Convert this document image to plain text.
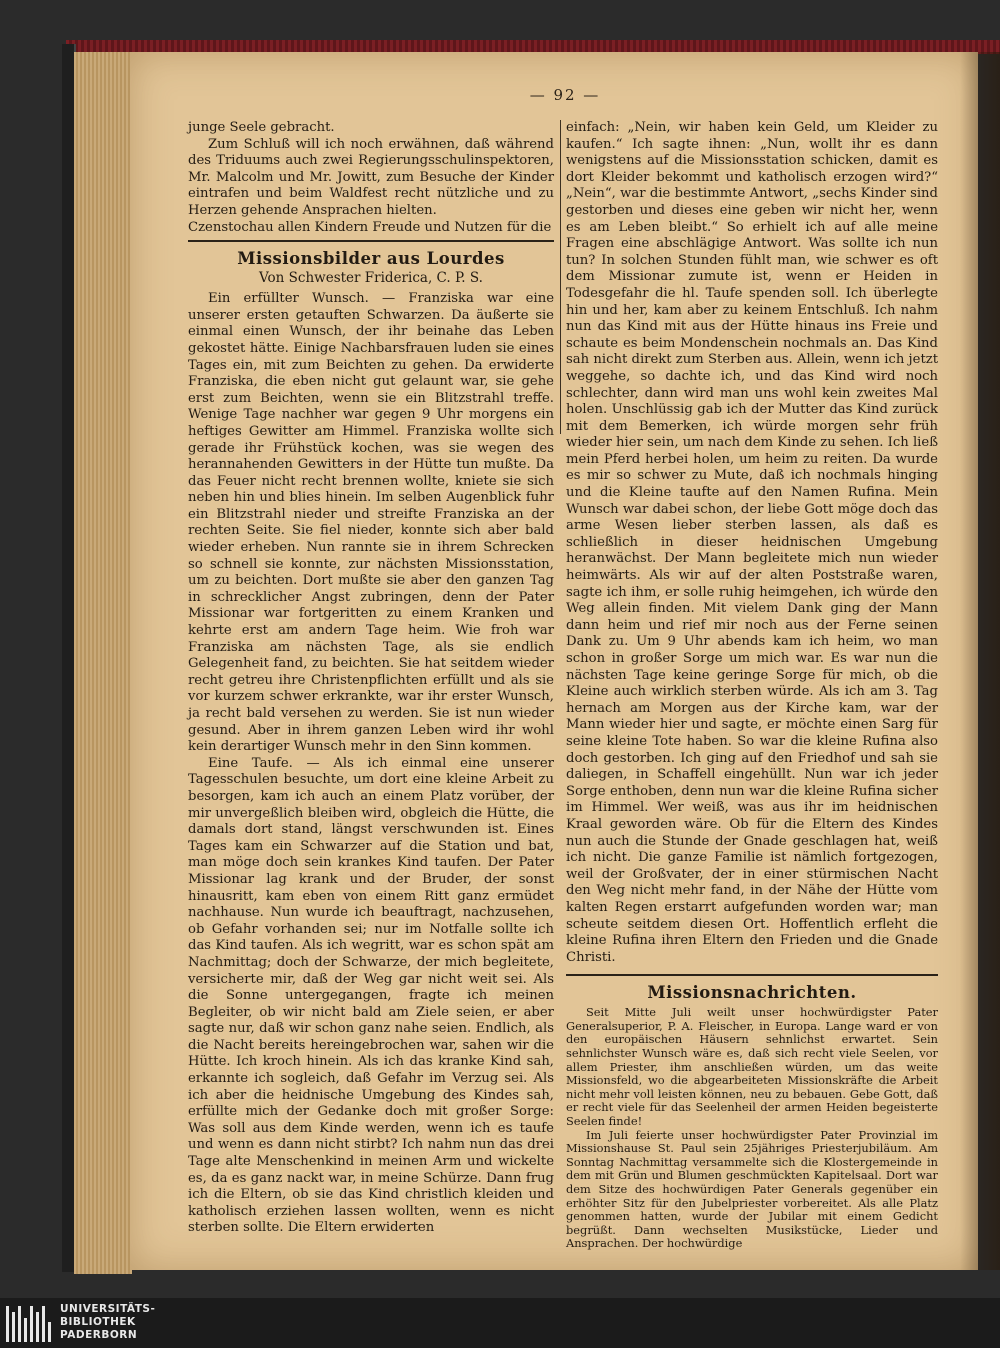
— 92 —

junge Seele gebracht.

Zum Schluß will ich noch erwähnen, daß während des Triduums auch zwei Regierungsschulinspektoren, Mr. Malcolm und Mr. Jowitt, zum Besuche der Kinder eintrafen und beim Waldfest recht nützliche und zu Herzen gehende Ansprachen hielten.

Czenstochau allen Kindern Freude und Nutzen für die

Missionsbilder aus Lourdes
Von Schwester Friderica, C. P. S.

Ein erfüllter Wunsch. — Franziska war eine unserer ersten getauften Schwarzen. Da äußerte sie einmal einen Wunsch, der ihr beinahe das Leben gekostet hätte. Einige Nachbarsfrauen luden sie eines Tages ein, mit zum Beichten zu gehen. Da erwiderte Franziska, die eben nicht gut gelaunt war, sie gehe erst zum Beichten, wenn sie ein Blitzstrahl treffe. Wenige Tage nachher war gegen 9 Uhr morgens ein heftiges Gewitter am Himmel. Franziska wollte sich gerade ihr Frühstück kochen, was sie wegen des herannahenden Gewitters in der Hütte tun mußte. Da das Feuer nicht recht brennen wollte, kniete sie sich neben hin und blies hinein. Im selben Augenblick fuhr ein Blitzstrahl nieder und streifte Franziska an der rechten Seite. Sie fiel nieder, konnte sich aber bald wieder erheben. Nun rannte sie in ihrem Schrecken so schnell sie konnte, zur nächsten Missionsstation, um zu beichten. Dort mußte sie aber den ganzen Tag in schrecklicher Angst zubringen, denn der Pater Missionar war fortgeritten zu einem Kranken und kehrte erst am andern Tage heim. Wie froh war Franziska am nächsten Tage, als sie endlich Gelegenheit fand, zu beichten. Sie hat seitdem wieder recht getreu ihre Christenpflichten erfüllt und als sie vor kurzem schwer erkrankte, war ihr erster Wunsch, ja recht bald versehen zu werden. Sie ist nun wieder gesund. Aber in ihrem ganzen Leben wird ihr wohl kein derartiger Wunsch mehr in den Sinn kommen.

Eine Taufe. — Als ich einmal eine unserer Tagesschulen besuchte, um dort eine kleine Arbeit zu besorgen, kam ich auch an einem Platz vorüber, der mir unvergeßlich bleiben wird, obgleich die Hütte, die damals dort stand, längst verschwunden ist. Eines Tages kam ein Schwarzer auf die Station und bat, man möge doch sein krankes Kind taufen. Der Pater Missionar lag krank und der Bruder, der sonst hinausritt, kam eben von einem Ritt ganz ermüdet nachhause. Nun wurde ich beauftragt, nachzusehen, ob Gefahr vorhanden sei; nur im Notfalle sollte ich das Kind taufen. Als ich wegritt, war es schon spät am Nachmittag; doch der Schwarze, der mich begleitete, versicherte mir, daß der Weg gar nicht weit sei. Als die Sonne untergegangen, fragte ich meinen Begleiter, ob wir nicht bald am Ziele seien, er aber sagte nur, daß wir schon ganz nahe seien. Endlich, als die Nacht bereits hereingebrochen war, sahen wir die Hütte. Ich kroch hinein. Als ich das kranke Kind sah, erkannte ich sogleich, daß Gefahr im Verzug sei. Als ich aber die heidnische Umgebung des Kindes sah, erfüllte mich der Gedanke doch mit großer Sorge: Was soll aus dem Kinde werden, wenn ich es taufe und wenn es dann nicht stirbt? Ich nahm nun das drei Tage alte Menschenkind in meinen Arm und wickelte es, da es ganz nackt war, in meine Schürze. Dann frug ich die Eltern, ob sie das Kind christlich kleiden und katholisch erziehen lassen wollten, wenn es nicht sterben sollte. Die Eltern erwiderten

einfach: „Nein, wir haben kein Geld, um Kleider zu kaufen.“ Ich sagte ihnen: „Nun, wollt ihr es dann wenigstens auf die Missionsstation schicken, damit es dort Kleider bekommt und katholisch erzogen wird?“ „Nein“, war die bestimmte Antwort, „sechs Kinder sind gestorben und dieses eine geben wir nicht her, wenn es am Leben bleibt.“ So erhielt ich auf alle meine Fragen eine abschlägige Antwort. Was sollte ich nun tun? In solchen Stunden fühlt man, wie schwer es oft dem Missionar zumute ist, wenn er Heiden in Todesgefahr die hl. Taufe spenden soll. Ich überlegte hin und her, kam aber zu keinem Entschluß. Ich nahm nun das Kind mit aus der Hütte hinaus ins Freie und schaute es beim Mondenschein nochmals an. Das Kind sah nicht direkt zum Sterben aus. Allein, wenn ich jetzt weggehe, so dachte ich, und das Kind wird noch schlechter, dann wird man uns wohl kein zweites Mal holen. Unschlüssig gab ich der Mutter das Kind zurück mit dem Bemerken, ich würde morgen sehr früh wieder hier sein, um nach dem Kinde zu sehen. Ich ließ mein Pferd herbei holen, um heim zu reiten. Da wurde es mir so schwer zu Mute, daß ich nochmals hinging und die Kleine taufte auf den Namen Rufina. Mein Wunsch war dabei schon, der liebe Gott möge doch das arme Wesen lieber sterben lassen, als daß es schließlich in dieser heidnischen Umgebung heranwächst. Der Mann begleitete mich nun wieder heimwärts. Als wir auf der alten Poststraße waren, sagte ich ihm, er solle ruhig heimgehen, ich würde den Weg allein finden. Mit vielem Dank ging der Mann dann heim und rief mir noch aus der Ferne seinen Dank zu. Um 9 Uhr abends kam ich heim, wo man schon in großer Sorge um mich war. Es war nun die nächsten Tage keine geringe Sorge für mich, ob die Kleine auch wirklich sterben würde. Als ich am 3. Tag hernach am Morgen aus der Kirche kam, war der Mann wieder hier und sagte, er möchte einen Sarg für seine kleine Tote haben. So war die kleine Rufina also doch gestorben. Ich ging auf den Friedhof und sah sie daliegen, in Schaffell eingehüllt. Nun war ich jeder Sorge enthoben, denn nun war die kleine Rufina sicher im Himmel. Wer weiß, was aus ihr im heidnischen Kraal geworden wäre. Ob für die Eltern des Kindes nun auch die Stunde der Gnade geschlagen hat, weiß ich nicht. Die ganze Familie ist nämlich fortgezogen, weil der Großvater, der in einer stürmischen Nacht den Weg nicht mehr fand, in der Nähe der Hütte vom kalten Regen erstarrt aufgefunden worden war; man scheute seitdem diesen Ort. Hoffentlich erfleht die kleine Rufina ihren Eltern den Frieden und die Gnade Christi.

Missionsnachrichten.

Seit Mitte Juli weilt unser hochwürdigster Pater Generalsuperior, P. A. Fleischer, in Europa. Lange ward er von den europäischen Häusern sehnlichst erwartet. Sein sehnlichster Wunsch wäre es, daß sich recht viele Seelen, vor allem Priester, ihm anschließen würden, um das weite Missionsfeld, wo die abgearbeiteten Missionskräfte die Arbeit nicht mehr voll leisten können, neu zu bebauen. Gebe Gott, daß er recht viele für das Seelenheil der armen Heiden begeisterte Seelen finde!

Im Juli feierte unser hochwürdigster Pater Provinzial im Missionshause St. Paul sein 25jähriges Priesterjubiläum. Am Sonntag Nachmittag versammelte sich die Klostergemeinde in dem mit Grün und Blumen geschmückten Kapitelsaal. Dort war dem Sitze des hochwürdigen Pater Generals gegenüber ein erhöhter Sitz für den Jubelpriester vorbereitet. Als alle Platz genommen hatten, wurde der Jubilar mit einem Gedicht begrüßt. Dann wechselten Musikstücke, Lieder und Ansprachen. Der hochwürdige

UNIVERSITÄTS-
BIBLIOTHEK
PADERBORN
